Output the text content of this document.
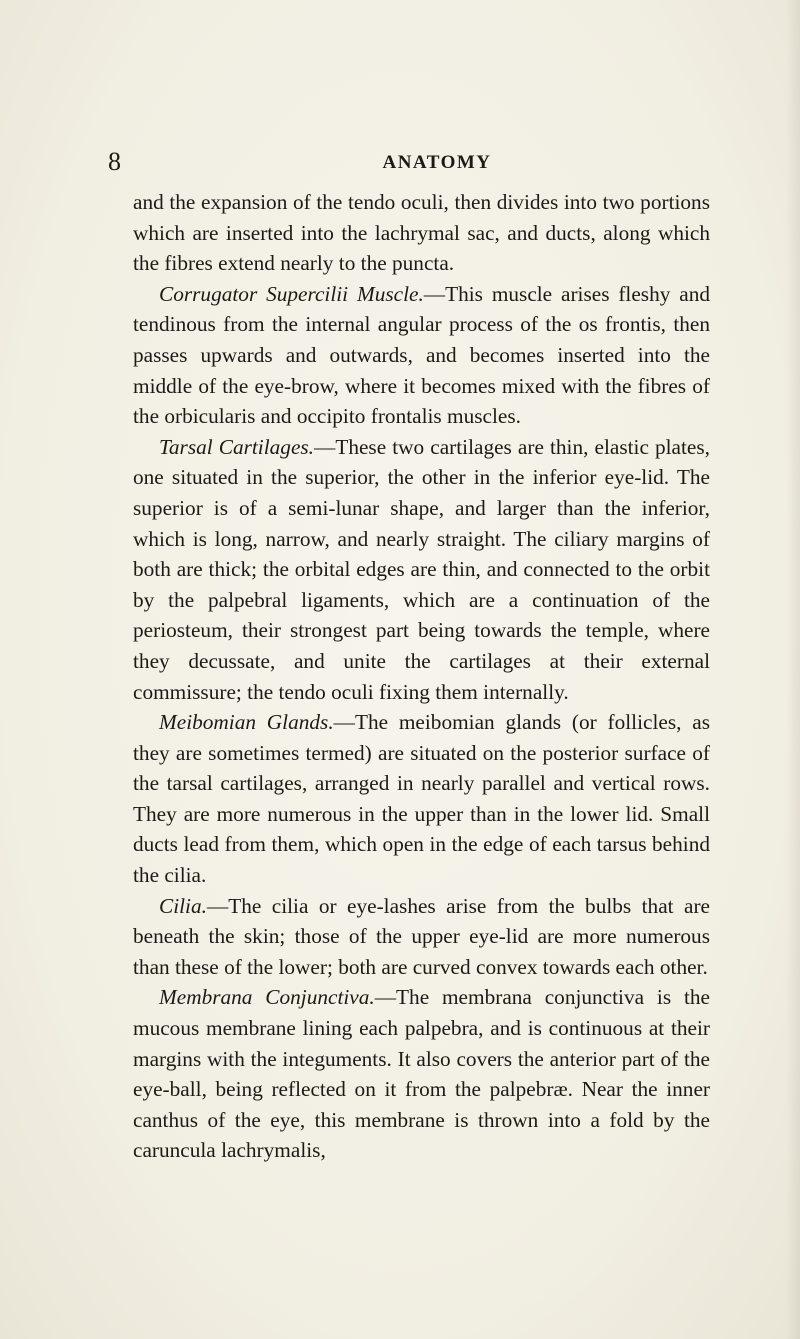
8	ANATOMY

and the expansion of the tendo oculi, then divides into two portions which are inserted into the lachrymal sac, and ducts, along which the fibres extend nearly to the puncta.

Corrugator Supercilii Muscle.—This muscle arises fleshy and tendinous from the internal angular process of the os frontis, then passes upwards and outwards, and becomes inserted into the middle of the eye-brow, where it becomes mixed with the fibres of the orbicularis and occipito frontalis muscles.

Tarsal Cartilages.—These two cartilages are thin, elastic plates, one situated in the superior, the other in the inferior eye-lid. The superior is of a semi-lunar shape, and larger than the inferior, which is long, narrow, and nearly straight. The ciliary margins of both are thick; the orbital edges are thin, and connected to the orbit by the palpebral ligaments, which are a continuation of the periosteum, their strongest part being towards the temple, where they decussate, and unite the cartilages at their external commissure; the tendo oculi fixing them internally.

Meibomian Glands.—The meibomian glands (or follicles, as they are sometimes termed) are situated on the posterior surface of the tarsal cartilages, arranged in nearly parallel and vertical rows. They are more numerous in the upper than in the lower lid. Small ducts lead from them, which open in the edge of each tarsus behind the cilia.

Cilia.—The cilia or eye-lashes arise from the bulbs that are beneath the skin; those of the upper eye-lid are more numerous than these of the lower; both are curved convex towards each other.

Membrana Conjunctiva.—The membrana conjunctiva is the mucous membrane lining each palpebra, and is continuous at their margins with the integuments. It also covers the anterior part of the eye-ball, being reflected on it from the palpebræ. Near the inner canthus of the eye, this membrane is thrown into a fold by the caruncula lachrymalis,
